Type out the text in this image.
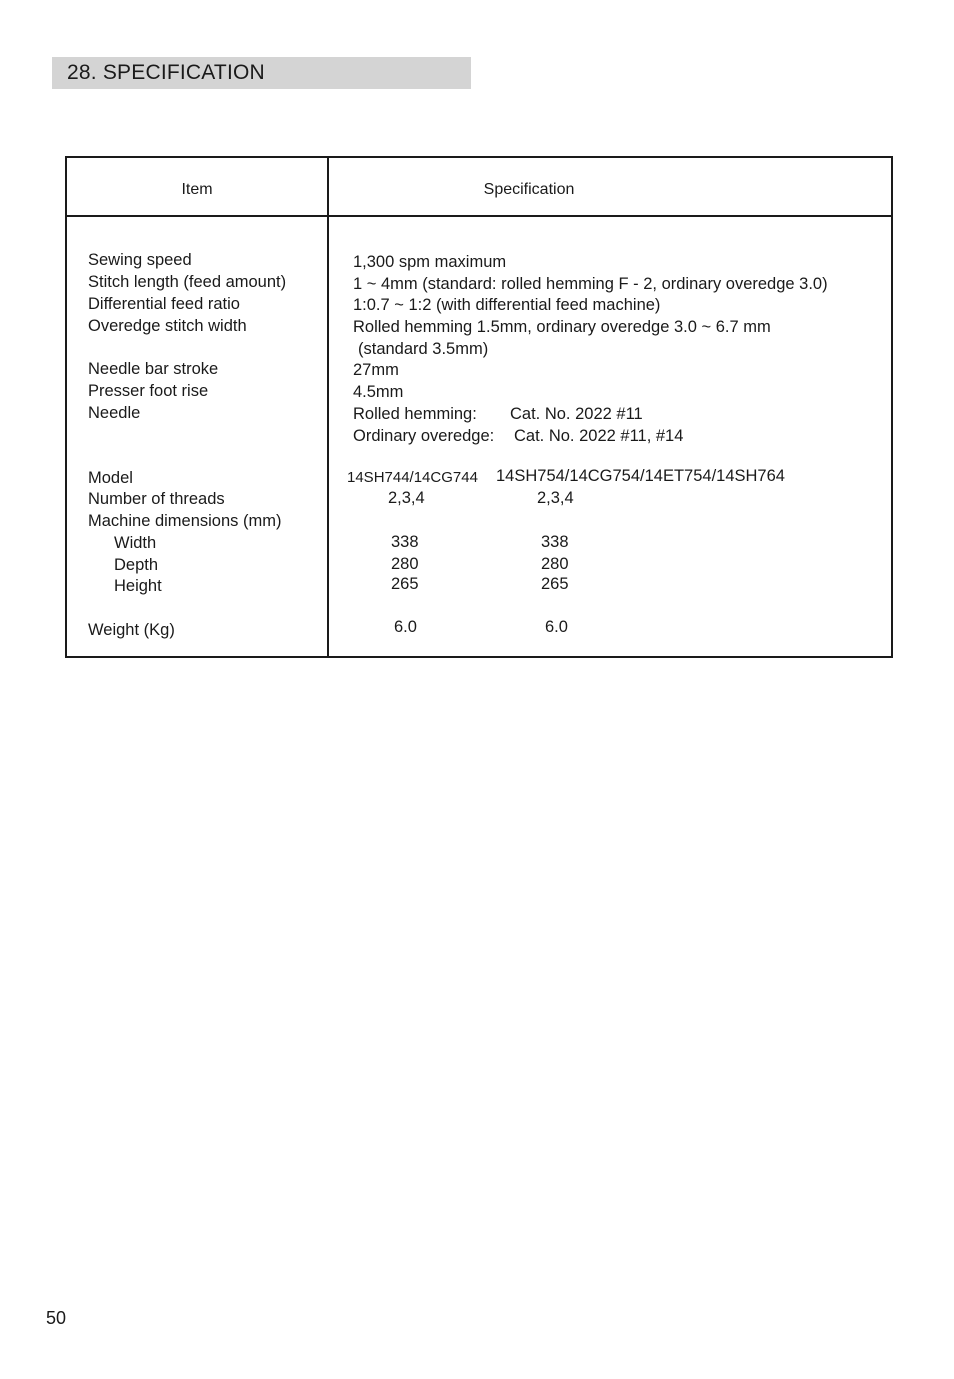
28. SPECIFICATION
Item	Specification
Sewing speed
Stitch length (feed amount)
Differential feed ratio
Overedge stitch width
Needle bar stroke
Presser foot rise
Needle
Model
Number of threads
Machine dimensions (mm)
Width
Depth
Height
Weight (Kg)
1,300 spm maximum
1 ~ 4mm (standard: rolled hemming F - 2, ordinary overedge 3.0)
1:0.7 ~ 1:2 (with differential feed machine)
Rolled hemming 1.5mm, ordinary overedge 3.0 ~ 6.7 mm
(standard 3.5mm)
27mm
4.5mm
Rolled hemming: Cat. No. 2022 #11
Ordinary overedge: Cat. No. 2022 #11, #14
14SH744/14CG744
2,3,4
338
280
265
6.0
14SH754/14CG754/14ET754/14SH764
2,3,4
338
280
265
6.0
50
